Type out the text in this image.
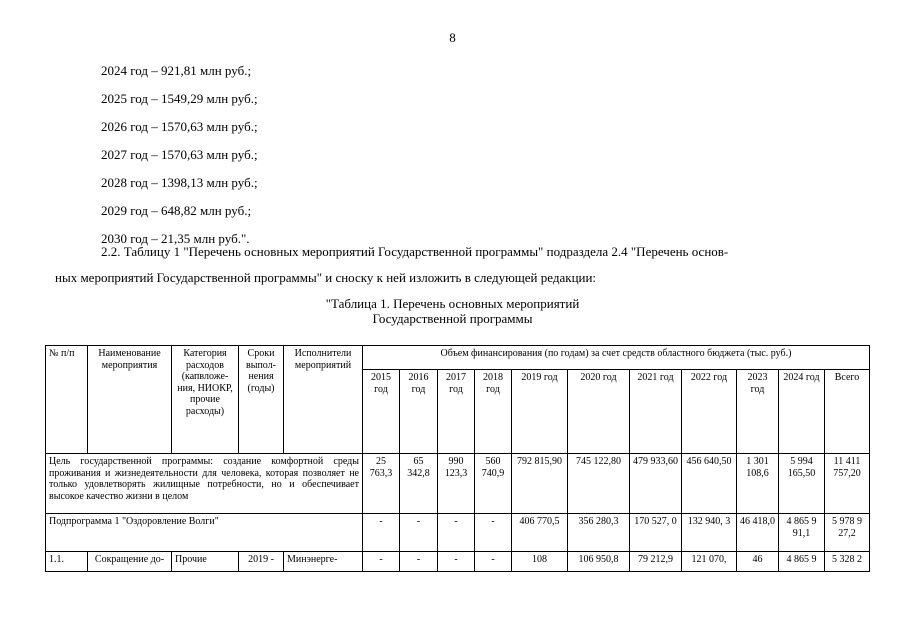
8
2024 год – 921,81 млн руб.;
2025 год – 1549,29 млн руб.;
2026 год – 1570,63 млн руб.;
2027 год – 1570,63 млн руб.;
2028 год – 1398,13 млн руб.;
2029 год – 648,82 млн руб.;
2030 год – 21,35 млн руб.".
2.2. Таблицу 1 "Перечень основных мероприятий Государственной программы" подраздела 2.4 "Перечень основ-
ных мероприятий Государственной программы" и сноску к ней изложить в следующей редакции:
"Таблица 1. Перечень основных мероприятий
Государственной программы
№ п/п	Наименование мероприятия	Категория расходов (капвложе-ния, НИОКР, прочие расходы)	Сроки выпол-нения (годы)	Исполнители мероприятий	Объем финансирования (по годам) за счет средств областного бюджета (тыс. руб.)										
					2015 год	2016 год	2017 год	2018 год	2019 год	2020 год	2021 год	2022 год	2023 год	2024 год	Всего
Цель государственной программы: создание комфортной среды проживания и жизнедеятельности для человека, которая позволяет не только удовлетворять жилищные потребности, но и обеспечивает высокое качество жизни в целом					25 763,3	65 342,8	990 123,3	560 740,9	792 815,90	745 122,80	479 933,60	456 640,50	1 301 108,6	5 994 165,50	11 411 757,20
Подпрограмма 1 "Оздоровление Волги"					-	-	-	-	406 770,5	356 280,3	170 527, 0	132 940, 3	46 418,0	4 865 9 91,1	5 978 9 27,2
1.1.	Сокращение до-	Прочие	2019 -	Минэнерге-	-	-	-	-	108	106 950,8	79 212,9	121 070,	46	4 865 9	5 328 2
